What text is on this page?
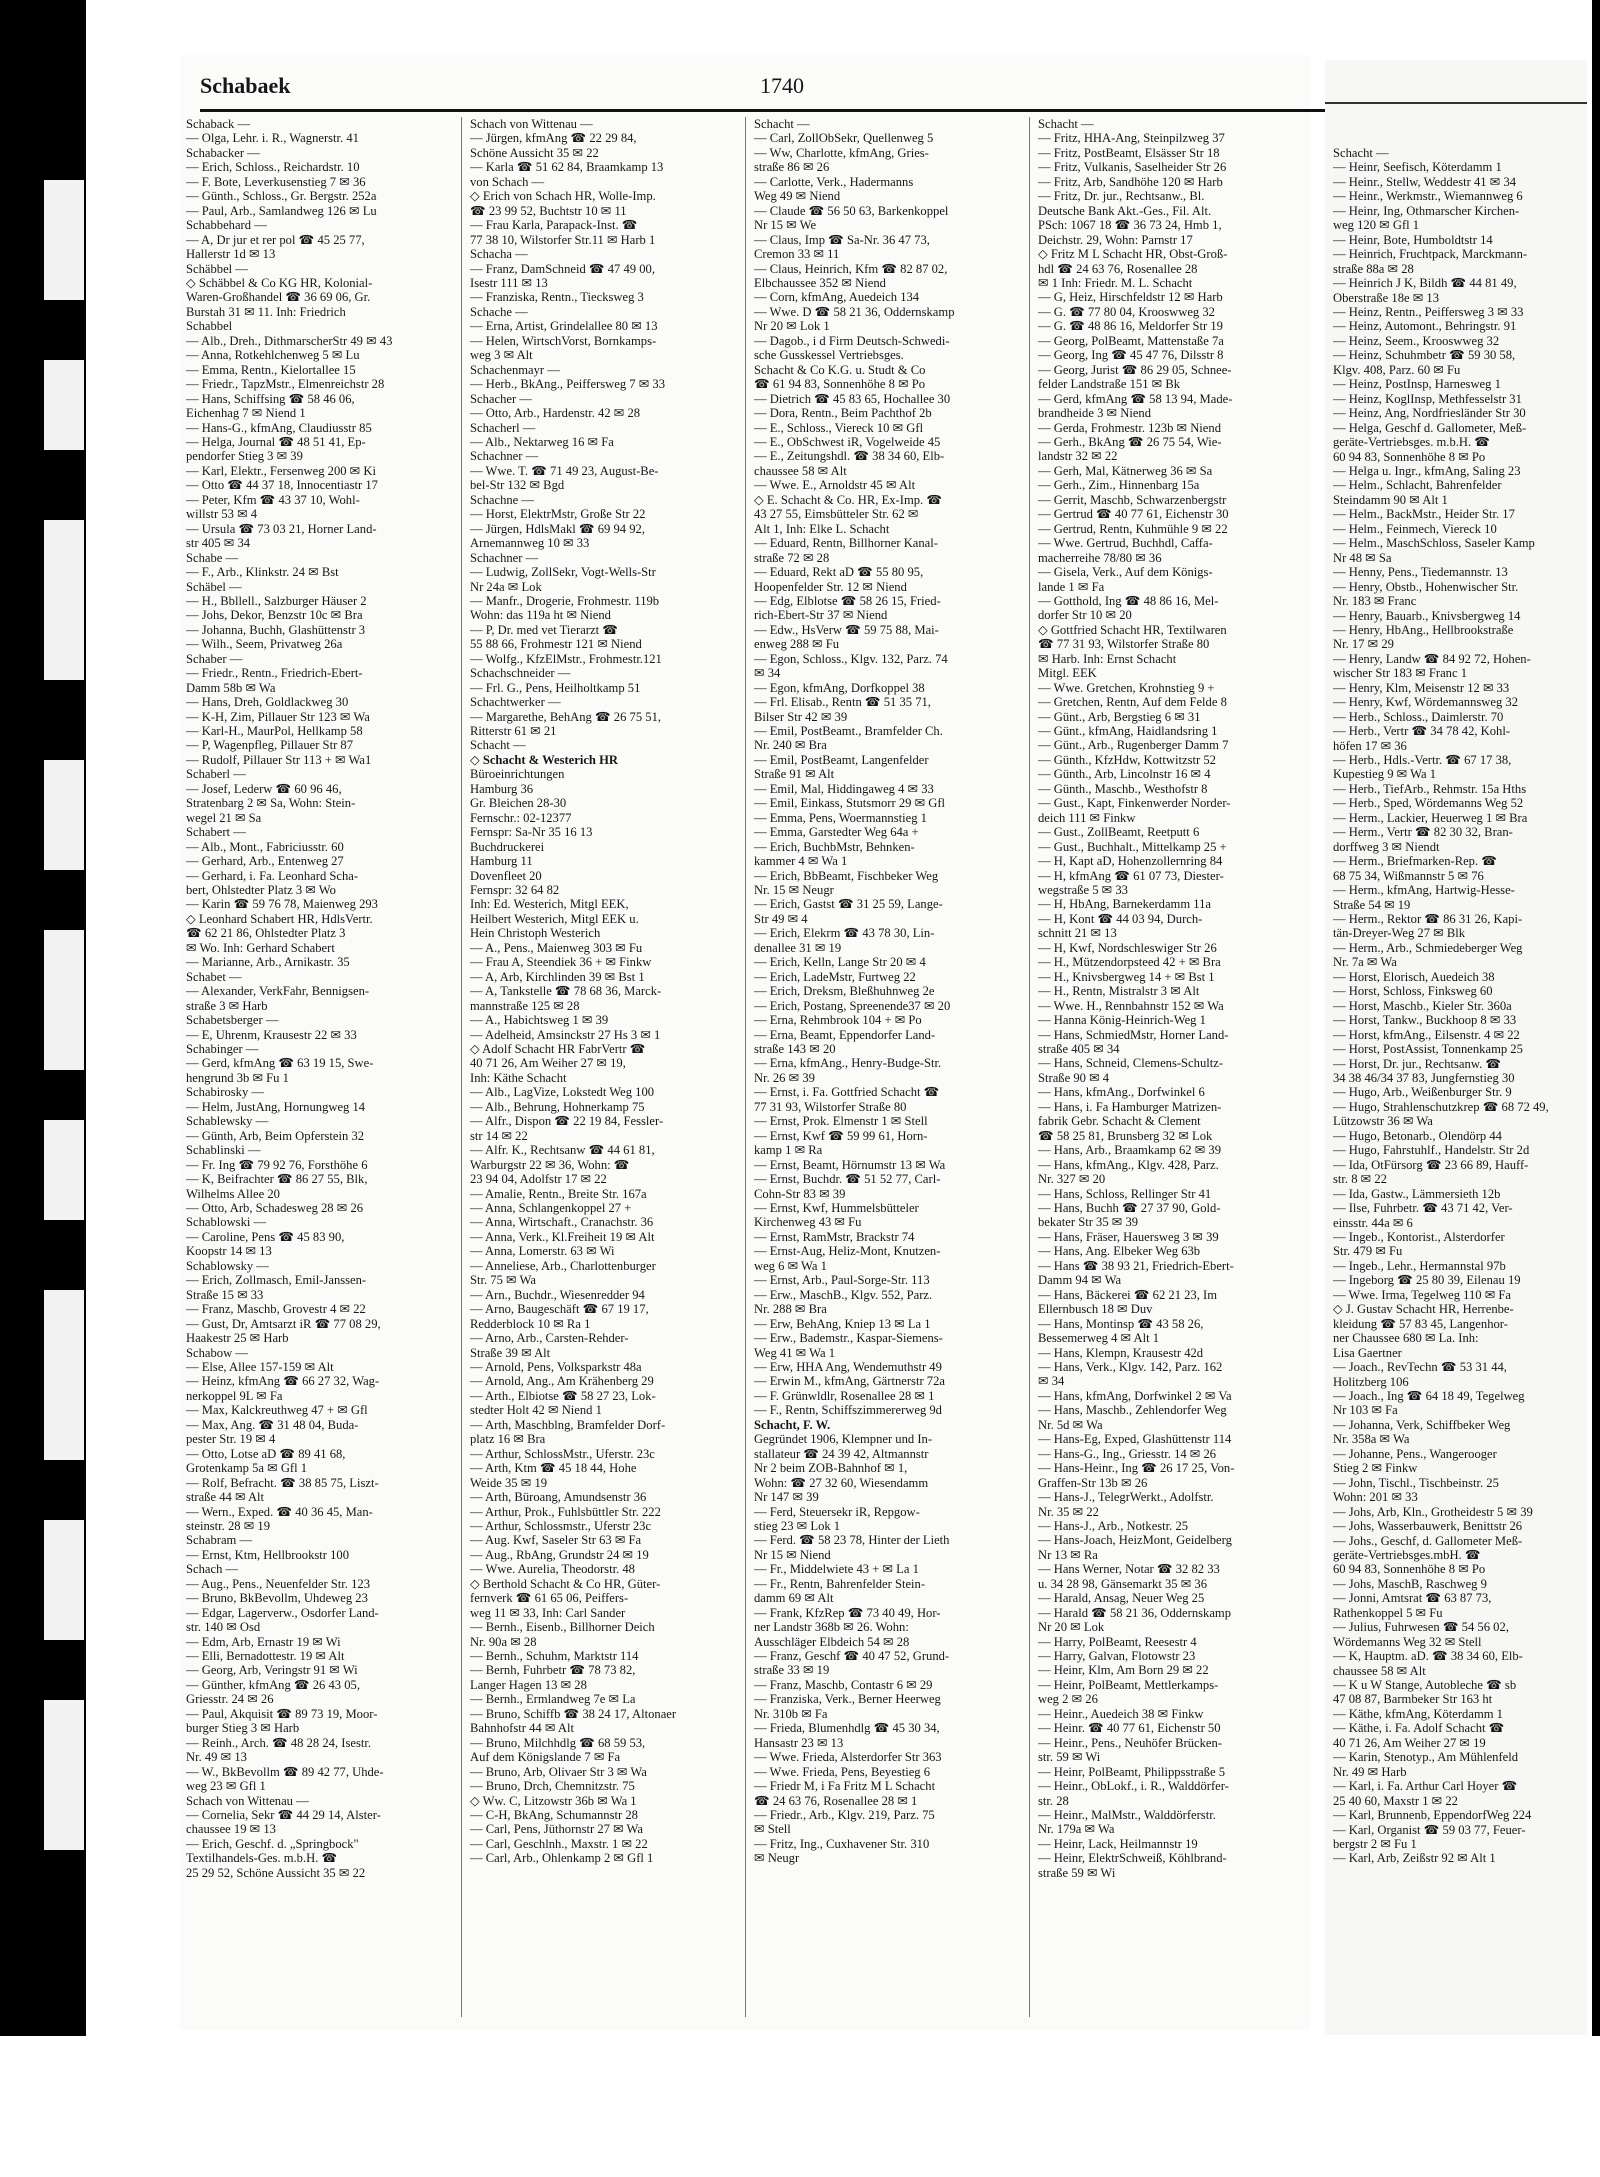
Schabaek	1740
Schaback —
— Olga, Lehr. i. R., Wagnerstr. 41
Schabacker —
— Erich, Schloss., Reichardstr. 10
— F. Bote, Leverkusenstieg 7 ✉ 36
— Günth., Schloss., Gr. Bergstr. 252a
— Paul, Arb., Samlandweg 126 ✉ Lu
Schabbehard —
— A, Dr jur et rer pol ☎ 45 25 77,
Hallerstr 1d ✉ 13
Schäbbel —
◇ Schäbbel & Co KG HR, Kolonial-
Waren-Großhandel ☎ 36 69 06, Gr.
Burstah 31 ✉ 11. Inh: Friedrich
Schabbel
— Alb., Dreh., DithmarscherStr 49 ✉ 43
— Anna, Rotkehlchenweg 5 ✉ Lu
— Emma, Rentn., Kielortallee 15
— Friedr., TapzMstr., Elmenreichstr 28
— Hans, Schiffsing ☎ 58 46 06,
Eichenhag 7 ✉ Niend 1
— Hans-G., kfmAng, Claudiusstr 85
— Helga, Journal ☎ 48 51 41, Ep-
pendorfer Stieg 3 ✉ 39
— Karl, Elektr., Fersenweg 200 ✉ Ki
— Otto ☎ 44 37 18, Innocentiastr 17
— Peter, Kfm ☎ 43 37 10, Wohl-
willstr 53 ✉ 4
— Ursula ☎ 73 03 21, Horner Land-
str 405 ✉ 34
Schabe —
— F., Arb., Klinkstr. 24 ✉ Bst
Schäbel —
— H., Bbllell., Salzburger Häuser 2
— Johs, Dekor, Benzstr 10c ✉ Bra
— Johanna, Buchh, Glashüttenstr 3
— Wilh., Seem, Privatweg 26a
Schaber —
— Friedr., Rentn., Friedrich-Ebert-
Damm 58b ✉ Wa
— Hans, Dreh, Goldlackweg 30
— K-H, Zim, Pillauer Str 123 ✉ Wa
— Karl-H., MaurPol, Hellkamp 58
— P, Wagenpfleg, Pillauer Str 87
— Rudolf, Pillauer Str 113 + ✉ Wa1
Schaberl —
— Josef, Lederw ☎ 60 96 46,
Stratenbarg 2 ✉ Sa, Wohn: Stein-
wegel 21 ✉ Sa
Schabert —
— Alb., Mont., Fabriciusstr. 60
— Gerhard, Arb., Entenweg 27
— Gerhard, i. Fa. Leonhard Scha-
bert, Ohlstedter Platz 3 ✉ Wo
— Karin ☎ 59 76 78, Maienweg 293
◇ Leonhard Schabert HR, HdlsVertr.
☎ 62 21 86, Ohlstedter Platz 3
✉ Wo. Inh: Gerhard Schabert
— Marianne, Arb., Arnikastr. 35
Schabet —
— Alexander, VerkFahr, Bennigsen-
straße 3 ✉ Harb
Schabetsberger —
— E, Uhrenm, Krausestr 22 ✉ 33
Schabinger —
— Gerd, kfmAng ☎ 63 19 15, Swe-
hengrund 3b ✉ Fu 1
Schabirosky —
— Helm, JustAng, Hornungweg 14
Schablewsky —
— Günth, Arb, Beim Opferstein 32
Schablinski —
— Fr. Ing ☎ 79 92 76, Forsthöhe 6
— K, Beifrachter ☎ 86 27 55, Blk,
Wilhelms Allee 20
— Otto, Arb, Schadesweg 28 ✉ 26
Schablowski —
— Caroline, Pens ☎ 45 83 90,
Koopstr 14 ✉ 13
Schablowsky —
— Erich, Zollmasch, Emil-Janssen-
Straße 15 ✉ 33
— Franz, Maschb, Grovestr 4 ✉ 22
— Gust, Dr, Amtsarzt iR ☎ 77 08 29,
Haakestr 25 ✉ Harb
Schabow —
— Else, Allee 157-159 ✉ Alt
— Heinz, kfmAng ☎ 66 27 32, Wag-
nerkoppel 9L ✉ Fa
— Max, Kalckreuthweg 47 + ✉ Gfl
— Max, Ang. ☎ 31 48 04, Buda-
pester Str. 19 ✉ 4
— Otto, Lotse aD ☎ 89 41 68,
Grotenkamp 5a ✉ Gfl 1
— Rolf, Befracht. ☎ 38 85 75, Liszt-
straße 44 ✉ Alt
— Wern., Exped. ☎ 40 36 45, Man-
steinstr. 28 ✉ 19
Schabram —
— Ernst, Ktm, Hellbrookstr 100
Schach —
— Aug., Pens., Neuenfelder Str. 123
— Bruno, BkBevollm, Uhdeweg 23
— Edgar, Lagerverw., Osdorfer Land-
str. 140 ✉ Osd
— Edm, Arb, Ernastr 19 ✉ Wi
— Elli, Bernadottestr. 19 ✉ Alt
— Georg, Arb, Veringstr 91 ✉ Wi
— Günther, kfmAng ☎ 26 43 05,
Griesstr. 24 ✉ 26
— Paul, Akquisit ☎ 89 73 19, Moor-
burger Stieg 3 ✉ Harb
— Reinh., Arch. ☎ 48 28 24, Isestr.
Nr. 49 ✉ 13
— W., BkBevollm ☎ 89 42 77, Uhde-
weg 23 ✉ Gfl 1
Schach von Wittenau —
— Cornelia, Sekr ☎ 44 29 14, Alster-
chaussee 19 ✉ 13
— Erich, Geschf. d. „Springbock"
Textilhandels-Ges. m.b.H. ☎
25 29 52, Schöne Aussicht 35 ✉ 22
Schach von Wittenau —
— Jürgen, kfmAng ☎ 22 29 84,
Schöne Aussicht 35 ✉ 22
— Karla ☎ 51 62 84, Braamkamp 13
von Schach —
◇ Erich von Schach HR, Wolle-Imp.
☎ 23 99 52, Buchtstr 10 ✉ 11
— Frau Karla, Parapack-Inst. ☎
77 38 10, Wilstorfer Str.11 ✉ Harb 1
Schacha —
— Franz, DamSchneid ☎ 47 49 00,
Isestr 111 ✉ 13
— Franziska, Rentn., Tiecksweg 3
Schache —
— Erna, Artist, Grindelallee 80 ✉ 13
— Helen, WirtschVorst, Bornkamps-
weg 3 ✉ Alt
Schachenmayr —
— Herb., BkAng., Peiffersweg 7 ✉ 33
Schacher —
— Otto, Arb., Hardenstr. 42 ✉ 28
Schacherl —
— Alb., Nektarweg 16 ✉ Fa
Schachner —
— Wwe. T. ☎ 71 49 23, August-Be-
bel-Str 132 ✉ Bgd
Schachne —
— Horst, ElektrMstr, Große Str 22
— Jürgen, HdlsMakl ☎ 69 94 92,
Arnemannweg 10 ✉ 33
Schachner —
— Ludwig, ZollSekr, Vogt-Wells-Str
Nr 24a ✉ Lok
— Manfr., Drogerie, Frohmestr. 119b
Wohn: das 119a ht ✉ Niend
— P, Dr. med vet Tierarzt ☎
55 88 66, Frohmestr 121 ✉ Niend
— Wolfg., KfzElMstr., Frohmestr.121
Schachschneider —
— Frl. G., Pens, Heilholtkamp 51
Schachtwerker —
— Margarethe, BehAng ☎ 26 75 51,
Ritterstr 61 ✉ 21
Schacht —
◇ Schacht & Westerich HR
Büroeinrichtungen
Hamburg 36
Gr. Bleichen 28-30
Fernschr.: 02-12377
Fernspr: Sa-Nr 35 16 13
Buchdruckerei
Hamburg 11
Dovenfleet 20
Fernspr: 32 64 82
Inh: Ed. Westerich, Mitgl EEK,
Heilbert Westerich, Mitgl EEK u.
Hein Christoph Westerich
— A., Pens., Maienweg 303 ✉ Fu
— Frau A, Steendiek 36 + ✉ Finkw
— A, Arb, Kirchlinden 39 ✉ Bst 1
— A, Tankstelle ☎ 78 68 36, Marck-
mannstraße 125 ✉ 28
— A., Habichtsweg 1 ✉ 39
— Adelheid, Amsinckstr 27 Hs 3 ✉ 1
◇ Adolf Schacht HR FabrVertr ☎
40 71 26, Am Weiher 27 ✉ 19,
Inh: Käthe Schacht
— Alb., LagVize, Lokstedt Weg 100
— Alb., Behrung, Hohnerkamp 75
— Alfr., Dispon ☎ 22 19 84, Fessler-
str 14 ✉ 22
— Alfr. K., Rechtsanw ☎ 44 61 81,
Warburgstr 22 ✉ 36, Wohn: ☎
23 94 04, Adolfstr 17 ✉ 22
— Amalie, Rentn., Breite Str. 167a
— Anna, Schlangenkoppel 27 +
— Anna, Wirtschaft., Cranachstr. 36
— Anna, Verk., Kl.Freiheit 19 ✉ Alt
— Anna, Lomerstr. 63 ✉ Wi
— Anneliese, Arb., Charlottenburger
Str. 75 ✉ Wa
— Arn., Buchdr., Wiesenredder 94
— Arno, Baugeschäft ☎ 67 19 17,
Redderblock 10 ✉ Ra 1
— Arno, Arb., Carsten-Rehder-
Straße 39 ✉ Alt
— Arnold, Pens, Volksparkstr 48a
— Arnold, Ang., Am Krähenberg 29
— Arth., Elbiotse ☎ 58 27 23, Lok-
stedter Holt 42 ✉ Niend 1
— Arth, Maschblng, Bramfelder Dorf-
platz 16 ✉ Bra
— Arthur, SchlossMstr., Uferstr. 23c
— Arth, Ktm ☎ 45 18 44, Hohe
Weide 35 ✉ 19
— Arth, Büroang, Amundsenstr 36
— Arthur, Prok., Fuhlsbüttler Str. 222
— Arthur, Schlossmstr., Uferstr 23c
— Aug. Kwf, Saseler Str 63 ✉ Fa
— Aug., RbAng, Grundstr 24 ✉ 19
— Wwe. Aurelia, Theodorstr. 48
◇ Berthold Schacht & Co HR, Güter-
fernverk ☎ 61 65 06, Peiffers-
weg 11 ✉ 33, Inh: Carl Sander
— Bernh., Eisenb., Billhorner Deich
Nr. 90a ✉ 28
— Bernh., Schuhm, Marktstr 114
— Bernh, Fuhrbetr ☎ 78 73 82,
Langer Hagen 13 ✉ 28
— Bernh., Ermlandweg 7e ✉ La
— Bruno, Schiffb ☎ 38 24 17, Altonaer
Bahnhofstr 44 ✉ Alt
— Bruno, Milchhdlg ☎ 68 59 53,
Auf dem Königslande 7 ✉ Fa
— Bruno, Arb, Olivaer Str 3 ✉ Wa
— Bruno, Drch, Chemnitzstr. 75
◇ Ww. C, Litzowstr 36b ✉ Wa 1
— C-H, BkAng, Schumannstr 28
— Carl, Pens, Jüthornstr 27 ✉ Wa
— Carl, Geschlnh., Maxstr. 1 ✉ 22
— Carl, Arb., Ohlenkamp 2 ✉ Gfl 1
Schacht —
— Carl, ZollObSekr, Quellenweg 5
— Ww, Charlotte, kfmAng, Gries-
straße 86 ✉ 26
— Carlotte, Verk., Hadermanns
Weg 49 ✉ Niend
— Claude ☎ 56 50 63, Barkenkoppel
Nr 15 ✉ We
— Claus, Imp ☎ Sa-Nr. 36 47 73,
Cremon 33 ✉ 11
— Claus, Heinrich, Kfm ☎ 82 87 02,
Elbchaussee 352 ✉ Niend
— Corn, kfmAng, Auedeich 134
— Wwe. D ☎ 58 21 36, Oddernskamp
Nr 20 ✉ Lok 1
— Dagob., i d Firm Deutsch-Schwedi-
sche Gusskessel Vertriebsges.
Schacht & Co K.G. u. Studt & Co
☎ 61 94 83, Sonnenhöhe 8 ✉ Po
— Dietrich ☎ 45 83 65, Hochallee 30
— Dora, Rentn., Beim Pachthof 2b
— E., Schloss., Viereck 10 ✉ Gfl
— E., ObSchwest iR, Vogelweide 45
— E., Zeitungshdl. ☎ 38 34 60, Elb-
chaussee 58 ✉ Alt
— Wwe. E., Arnoldstr 45 ✉ Alt
◇ E. Schacht & Co. HR, Ex-Imp. ☎
43 27 55, Eimsbütteler Str. 62 ✉
Alt 1, Inh: Elke L. Schacht
— Eduard, Rentn, Billhorner Kanal-
straße 72 ✉ 28
— Eduard, Rekt aD ☎ 55 80 95,
Hoopenfelder Str. 12 ✉ Niend
— Edg, Elblotse ☎ 58 26 15, Fried-
rich-Ebert-Str 37 ✉ Niend
— Edw., HsVerw ☎ 59 75 88, Mai-
enweg 288 ✉ Fu
— Egon, Schloss., Klgv. 132, Parz. 74
✉ 34
— Egon, kfmAng, Dorfkoppel 38
— Frl. Elisab., Rentn ☎ 51 35 71,
Bilser Str 42 ✉ 39
— Emil, PostBeamt., Bramfelder Ch.
Nr. 240 ✉ Bra
— Emil, PostBeamt, Langenfelder
Straße 91 ✉ Alt
— Emil, Mal, Hiddingaweg 4 ✉ 33
— Emil, Einkass, Stutsmorr 29 ✉ Gfl
— Emma, Pens, Woermannstieg 1
— Emma, Garstedter Weg 64a +
— Erich, BuchbMstr, Behnken-
kammer 4 ✉ Wa 1
— Erich, BbBeamt, Fischbeker Weg
Nr. 15 ✉ Neugr
— Erich, Gastst ☎ 31 25 59, Lange-
Str 49 ✉ 4
— Erich, Elekrm ☎ 43 78 30, Lin-
denallee 31 ✉ 19
— Erich, Kelln, Lange Str 20 ✉ 4
— Erich, LadeMstr, Furtweg 22
— Erich, Dreksm, Bleßhuhnweg 2e
— Erich, Postang, Spreenende37 ✉ 20
— Erna, Rehmbrook 104 + ✉ Po
— Erna, Beamt, Eppendorfer Land-
straße 143 ✉ 20
— Erna, kfmAng., Henry-Budge-Str.
Nr. 26 ✉ 39
— Ernst, i. Fa. Gottfried Schacht ☎
77 31 93, Wilstorfer Straße 80
— Ernst, Prok. Elmenstr 1 ✉ Stell
— Ernst, Kwf ☎ 59 99 61, Horn-
kamp 1 ✉ Ra
— Ernst, Beamt, Hörnumstr 13 ✉ Wa
— Ernst, Buchdr. ☎ 51 52 77, Carl-
Cohn-Str 83 ✉ 39
— Ernst, Kwf, Hummelsbütteler
Kirchenweg 43 ✉ Fu
— Ernst, RamMstr, Brackstr 74
— Ernst-Aug, Heliz-Mont, Knutzen-
weg 6 ✉ Wa 1
— Ernst, Arb., Paul-Sorge-Str. 113
— Erw., MaschB., Klgv. 552, Parz.
Nr. 288 ✉ Bra
— Erw, BehAng, Kniep 13 ✉ La 1
— Erw., Bademstr., Kaspar-Siemens-
Weg 41 ✉ Wa 1
— Erw, HHA Ang, Wendemuthstr 49
— Erwin M., kfmAng, Gärtnerstr 72a
— F. Grünwldlr, Rosenallee 28 ✉ 1
— F., Rentn, Schiffszimmererweg 9d
Schacht, F. W.
Gegründet 1906, Klempner und In-
stallateur ☎ 24 39 42, Altmannstr
Nr 2 beim ZOB-Bahnhof ✉ 1,
Wohn: ☎ 27 32 60, Wiesendamm
Nr 147 ✉ 39
— Ferd, Steuersekr iR, Repgow-
stieg 23 ✉ Lok 1
— Ferd. ☎ 58 23 78, Hinter der Lieth
Nr 15 ✉ Niend
— Fr., Middelwiete 43 + ✉ La 1
— Fr., Rentn, Bahrenfelder Stein-
damm 69 ✉ Alt
— Frank, KfzRep ☎ 73 40 49, Hor-
ner Landstr 368b ✉ 26. Wohn:
Ausschläger Elbdeich 54 ✉ 28
— Franz, Geschf ☎ 40 47 52, Grund-
straße 33 ✉ 19
— Franz, Maschb, Contastr 6 ✉ 29
— Franziska, Verk., Berner Heerweg
Nr. 310b ✉ Fa
— Frieda, Blumenhdlg ☎ 45 30 34,
Hansastr 23 ✉ 13
— Wwe. Frieda, Alsterdorfer Str 363
— Wwe. Frieda, Pens, Beyestieg 6
— Friedr M, i Fa Fritz M L Schacht
☎ 24 63 76, Rosenallee 28 ✉ 1
— Friedr., Arb., Klgv. 219, Parz. 75
✉ Stell
— Fritz, Ing., Cuxhavener Str. 310
✉ Neugr
Schacht —
— Fritz, HHA-Ang, Steinpilzweg 37
— Fritz, PostBeamt, Elsässer Str 18
— Fritz, Vulkanis, Saselheider Str 26
— Fritz, Arb, Sandhöhe 120 ✉ Harb
— Fritz, Dr. jur., Rechtsanw., Bl.
Deutsche Bank Akt.-Ges., Fil. Alt.
PSch: 1067 18 ☎ 36 73 24, Hmb 1,
Deichstr. 29, Wohn: Parnstr 17
◇ Fritz M L Schacht HR, Obst-Groß-
hdl ☎ 24 63 76, Rosenallee 28
✉ 1 Inh: Friedr. M. L. Schacht
— G, Heiz, Hirschfeldstr 12 ✉ Harb
— G. ☎ 77 80 04, Krooswweg 32
— G. ☎ 48 86 16, Meldorfer Str 19
— Georg, PolBeamt, Mattenstaße 7a
— Georg, Ing ☎ 45 47 76, Dilsstr 8
— Georg, Jurist ☎ 86 29 05, Schnee-
felder Landstraße 151 ✉ Bk
— Gerd, kfmAng ☎ 58 13 94, Made-
brandheide 3 ✉ Niend
— Gerda, Frohmestr. 123b ✉ Niend
— Gerh., BkAng ☎ 26 75 54, Wie-
landstr 32 ✉ 22
— Gerh, Mal, Kätnerweg 36 ✉ Sa
— Gerh., Zim., Hinnenbarg 15a
— Gerrit, Maschb, Schwarzenbergstr
— Gertrud ☎ 40 77 61, Eichenstr 30
— Gertrud, Rentn, Kuhmühle 9 ✉ 22
— Wwe. Gertrud, Buchhdl, Caffa-
macherreihe 78/80 ✉ 36
— Gisela, Verk., Auf dem Königs-
lande 1 ✉ Fa
— Gotthold, Ing ☎ 48 86 16, Mel-
dorfer Str 10 ✉ 20
◇ Gottfried Schacht HR, Textilwaren
☎ 77 31 93, Wilstorfer Straße 80
✉ Harb. Inh: Ernst Schacht
Mitgl. EEK
— Wwe. Gretchen, Krohnstieg 9 +
— Gretchen, Rentn, Auf dem Felde 8
— Günt., Arb, Bergstieg 6 ✉ 31
— Günt., kfmAng, Haidlandsring 1
— Günt., Arb., Rugenberger Damm 7
— Günth., KfzHdw, Kottwitzstr 52
— Günth., Arb, Lincolnstr 16 ✉ 4
— Günth., Maschb., Westhofstr 8
— Gust., Kapt, Finkenwerder Norder-
deich 111 ✉ Finkw
— Gust., ZollBeamt, Reetputt 6
— Gust., Buchhalt., Mittelkamp 25 +
— H, Kapt aD, Hohenzollernring 84
— H, kfmAng ☎ 61 07 73, Diester-
wegstraße 5 ✉ 33
— H, HbAng, Barnekerdamm 11a
— H, Kont ☎ 44 03 94, Durch-
schnitt 21 ✉ 13
— H, Kwf, Nordschleswiger Str 26
— H., Mützendorpsteed 42 + ✉ Bra
— H., Knivsbergweg 14 + ✉ Bst 1
— H., Rentn, Mistralstr 3 ✉ Alt
— Wwe. H., Rennbahnstr 152 ✉ Wa
— Hanna König-Heinrich-Weg 1
— Hans, SchmiedMstr, Horner Land-
straße 405 ✉ 34
— Hans, Schneid, Clemens-Schultz-
Straße 90 ✉ 4
— Hans, kfmAng., Dorfwinkel 6
— Hans, i. Fa Hamburger Matrizen-
fabrik Gebr. Schacht & Clement
☎ 58 25 81, Brunsberg 32 ✉ Lok
— Hans, Arb., Braamkamp 62 ✉ 39
— Hans, kfmAng., Klgv. 428, Parz.
Nr. 327 ✉ 20
— Hans, Schloss, Rellinger Str 41
— Hans, Buchh ☎ 27 37 90, Gold-
bekater Str 35 ✉ 39
— Hans, Fräser, Hauersweg 3 ✉ 39
— Hans, Ang. Elbeker Weg 63b
— Hans ☎ 38 93 21, Friedrich-Ebert-
Damm 94 ✉ Wa
— Hans, Bäckerei ☎ 62 21 23, Im
Ellernbusch 18 ✉ Duv
— Hans, Montinsp ☎ 43 58 26,
Bessemerweg 4 ✉ Alt 1
— Hans, Klempn, Krausestr 42d
— Hans, Verk., Klgv. 142, Parz. 162
✉ 34
— Hans, kfmAng, Dorfwinkel 2 ✉ Va
— Hans, Maschb., Zehlendorfer Weg
Nr. 5d ✉ Wa
— Hans-Eg, Exped, Glashüttenstr 114
— Hans-G., Ing., Griesstr. 14 ✉ 26
— Hans-Heinr., Ing ☎ 26 17 25, Von-
Graffen-Str 13b ✉ 26
— Hans-J., TelegrWerkt., Adolfstr.
Nr. 35 ✉ 22
— Hans-J., Arb., Notkestr. 25
— Hans-Joach, HeizMont, Geidelberg
Nr 13 ✉ Ra
— Hans Werner, Notar ☎ 32 82 33
u. 34 28 98, Gänsemarkt 35 ✉ 36
— Harald, Ansag, Neuer Weg 25
— Harald ☎ 58 21 36, Oddernskamp
Nr 20 ✉ Lok
— Harry, PolBeamt, Reesestr 4
— Harry, Galvan, Flotowstr 23
— Heinr, Klm, Am Born 29 ✉ 22
— Heinr, PolBeamt, Mettlerkamps-
weg 2 ✉ 26
— Heinr., Auedeich 38 ✉ Finkw
— Heinr. ☎ 40 77 61, Eichenstr 50
— Heinr., Pens., Neuhöfer Brücken-
str. 59 ✉ Wi
— Heinr, PolBeamt, Philippsstraße 5
— Heinr., ObLokf., i. R., Walddörfer-
str. 28
— Heinr., MalMstr., Walddörferstr.
Nr. 179a ✉ Wa
— Heinr, Lack, Heilmannstr 19
— Heinr, ElektrSchweiß, Köhlbrand-
straße 59 ✉ Wi
Schacht —
— Heinr, Seefisch, Köterdamm 1
— Heinr., Stellw, Weddestr 41 ✉ 34
— Heinr., Werkmstr., Wiemannweg 6
— Heinr, Ing, Othmarscher Kirchen-
weg 120 ✉ Gfl 1
— Heinr, Bote, Humboldtstr 14
— Heinrich, Fruchtpack, Marckmann-
straße 88a ✉ 28
— Heinrich J K, Bildh ☎ 44 81 49,
Oberstraße 18e ✉ 13
— Heinz, Rentn., Peiffersweg 3 ✉ 33
— Heinz, Automont., Behringstr. 91
— Heinz, Seem., Krooswweg 32
— Heinz, Schuhmbetr ☎ 59 30 58,
Klgv. 408, Parz. 60 ✉ Fu
— Heinz, PostInsp, Harnesweg 1
— Heinz, KoglInsp, Methfesselstr 31
— Heinz, Ang, Nordfriesländer Str 30
— Helga, Geschf d. Gallometer, Meß-
geräte-Vertriebsges. m.b.H. ☎
60 94 83, Sonnenhöhe 8 ✉ Po
— Helga u. Ingr., kfmAng, Saling 23
— Helm., Schlacht, Bahrenfelder
Steindamm 90 ✉ Alt 1
— Helm., BackMstr., Heider Str. 17
— Helm., Feinmech, Viereck 10
— Helm., MaschSchloss, Saseler Kamp
Nr 48 ✉ Sa
— Henny, Pens., Tiedemannstr. 13
— Henry, Obstb., Hohenwischer Str.
Nr. 183 ✉ Franc
— Henry, Bauarb., Knivsbergweg 14
— Henry, HbAng., Hellbrookstraße
Nr. 17 ✉ 29
— Henry, Landw ☎ 84 92 72, Hohen-
wischer Str 183 ✉ Franc 1
— Henry, Klm, Meisenstr 12 ✉ 33
— Henry, Kwf, Wördemannsweg 32
— Herb., Schloss., Daimlerstr. 70
— Herb., Vertr ☎ 34 78 42, Kohl-
höfen 17 ✉ 36
— Herb., Hdls.-Vertr. ☎ 67 17 38,
Kupestieg 9 ✉ Wa 1
— Herb., TiefArb., Rehmstr. 15a Hths
— Herb., Sped, Wördemanns Weg 52
— Herm., Lackier, Heuerweg 1 ✉ Bra
— Herm., Vertr ☎ 82 30 32, Bran-
dorffweg 3 ✉ Niendt
— Herm., Briefmarken-Rep. ☎
68 75 34, Wißmannstr 5 ✉ 76
— Herm., kfmAng, Hartwig-Hesse-
Straße 54 ✉ 19
— Herm., Rektor ☎ 86 31 26, Kapi-
tän-Dreyer-Weg 27 ✉ Blk
— Herm., Arb., Schmiedeberger Weg
Nr. 7a ✉ Wa
— Horst, Elorisch, Auedeich 38
— Horst, Schloss, Finksweg 60
— Horst, Maschb., Kieler Str. 360a
— Horst, Tankw., Buckhoop 8 ✉ 33
— Horst, kfmAng., Eilsenstr. 4 ✉ 22
— Horst, PostAssist, Tonnenkamp 25
— Horst, Dr. jur., Rechtsanw. ☎
34 38 46/34 37 83, Jungfernstieg 30
— Hugo, Arb., Weißenburger Str. 9
— Hugo, Strahlenschutzkrep ☎ 68 72 49,
Lützowstr 36 ✉ Wa
— Hugo, Betonarb., Olendörp 44
— Hugo, Fahrstuhlf., Handelstr. Str 2d
— Ida, OtFürsorg ☎ 23 66 89, Hauff-
str. 8 ✉ 22
— Ida, Gastw., Lämmersieth 12b
— Ilse, Fuhrbetr. ☎ 43 71 42, Ver-
einsstr. 44a ✉ 6
— Ingeb., Kontorist., Alsterdorfer
Str. 479 ✉ Fu
— Ingeb., Lehr., Hermannstal 97b
— Ingeborg ☎ 25 80 39, Eilenau 19
— Wwe. Irma, Tegelweg 110 ✉ Fa
◇ J. Gustav Schacht HR, Herrenbe-
kleidung ☎ 57 83 45, Langenhor-
ner Chaussee 680 ✉ La. Inh:
Lisa Gaertner
— Joach., RevTechn ☎ 53 31 44,
Holitzberg 106
— Joach., Ing ☎ 64 18 49, Tegelweg
Nr 103 ✉ Fa
— Johanna, Verk, Schiffbeker Weg
Nr. 358a ✉ Wa
— Johanne, Pens., Wangerooger
Stieg 2 ✉ Finkw
— John, Tischl., Tischbeinstr. 25
Wohn: 201 ✉ 33
— Johs, Arb, Kln., Grotheidestr 5 ✉ 39
— Johs, Wasserbauwerk, Benittstr 26
— Johs., Geschf, d. Gallometer Meß-
geräte-Vertriebsges.mbH. ☎
60 94 83, Sonnenhöhe 8 ✉ Po
— Johs, MaschB, Raschweg 9
— Jonni, Amtsrat ☎ 63 87 73,
Rathenkoppel 5 ✉ Fu
— Julius, Fuhrwesen ☎ 54 56 02,
Wördemanns Weg 32 ✉ Stell
— K, Hauptm. aD. ☎ 38 34 60, Elb-
chaussee 58 ✉ Alt
— K u W Stange, Autobleche ☎ sb
47 08 87, Barmbeker Str 163 ht
— Käthe, kfmAng, Köterdamm 1
— Käthe, i. Fa. Adolf Schacht ☎
40 71 26, Am Weiher 27 ✉ 19
— Karin, Stenotyp., Am Mühlenfeld
Nr. 49 ✉ Harb
— Karl, i. Fa. Arthur Carl Hoyer ☎
25 40 60, Maxstr 1 ✉ 22
— Karl, Brunnenb, EppendorfWeg 224
— Karl, Organist ☎ 59 03 77, Feuer-
bergstr 2 ✉ Fu 1
— Karl, Arb, Zeißstr 92 ✉ Alt 1
